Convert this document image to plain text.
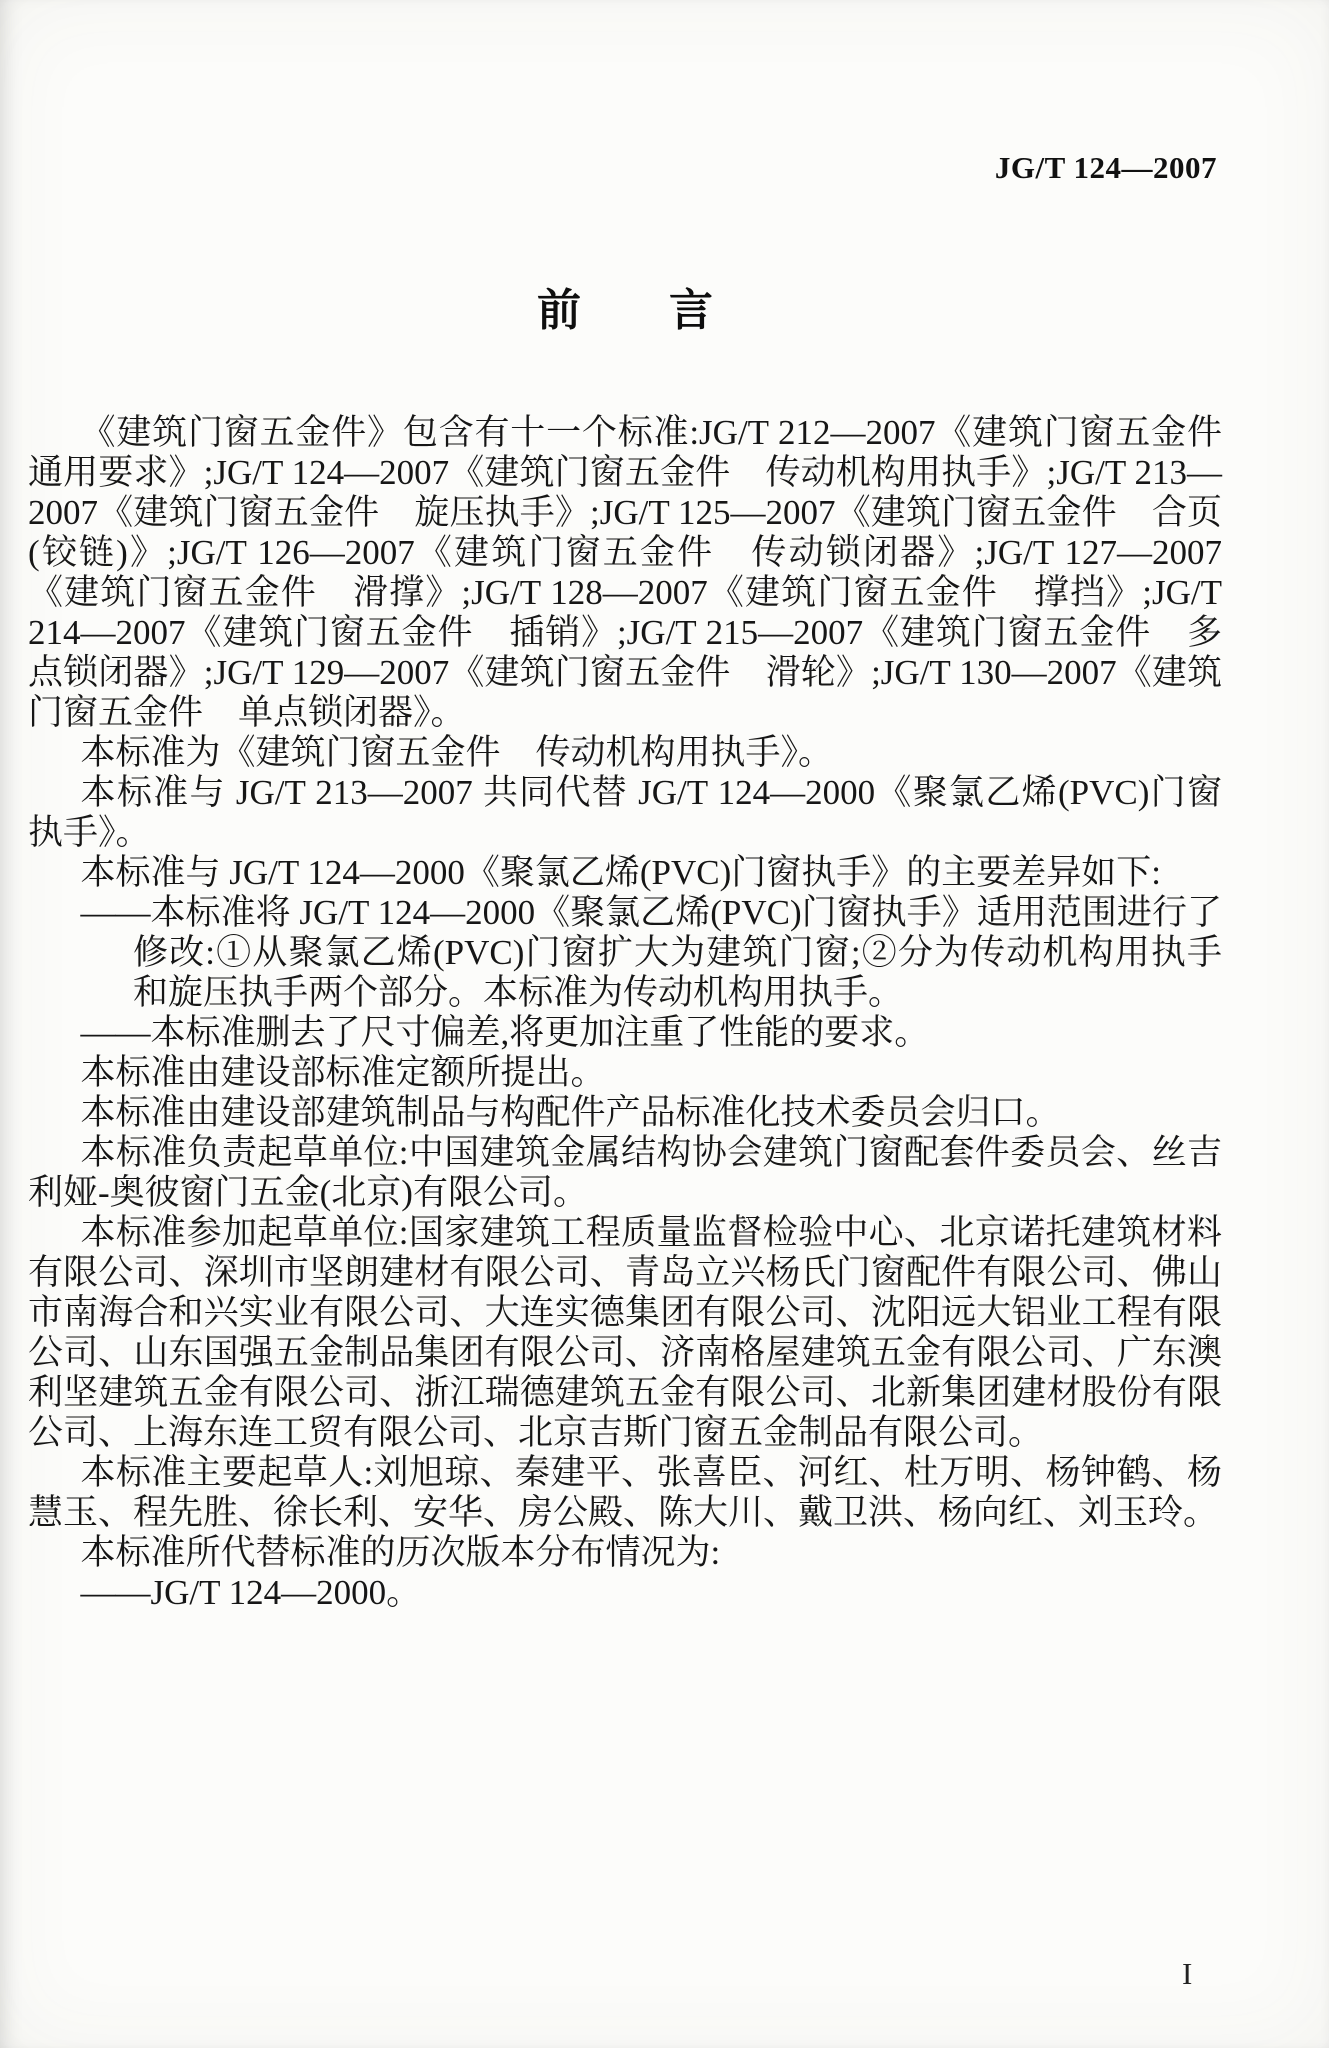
JG/T 124—2007
前　　言

《建筑门窗五金件》包含有十一个标准:JG/T 212—2007《建筑门窗五金件　通用要求》;JG/T 124—2007《建筑门窗五金件　传动机构用执手》;JG/T 213—2007《建筑门窗五金件　旋压执手》;JG/T 125—2007《建筑门窗五金件　合页(铰链)》;JG/T 126—2007《建筑门窗五金件　传动锁闭器》;JG/T 127—2007《建筑门窗五金件　滑撑》;JG/T 128—2007《建筑门窗五金件　撑挡》;JG/T 214—2007《建筑门窗五金件　插销》;JG/T 215—2007《建筑门窗五金件　多点锁闭器》;JG/T 129—2007《建筑门窗五金件　滑轮》;JG/T 130—2007《建筑门窗五金件　单点锁闭器》。

本标准为《建筑门窗五金件　传动机构用执手》。

本标准与 JG/T 213—2007 共同代替 JG/T 124—2000《聚氯乙烯(PVC)门窗执手》。

本标准与 JG/T 124—2000《聚氯乙烯(PVC)门窗执手》的主要差异如下:

——本标准将 JG/T 124—2000《聚氯乙烯(PVC)门窗执手》适用范围进行了修改:①从聚氯乙烯(PVC)门窗扩大为建筑门窗;②分为传动机构用执手和旋压执手两个部分。本标准为传动机构用执手。

——本标准删去了尺寸偏差,将更加注重了性能的要求。

本标准由建设部标准定额所提出。

本标准由建设部建筑制品与构配件产品标准化技术委员会归口。

本标准负责起草单位:中国建筑金属结构协会建筑门窗配套件委员会、丝吉利娅-奥彼窗门五金(北京)有限公司。

本标准参加起草单位:国家建筑工程质量监督检验中心、北京诺托建筑材料有限公司、深圳市坚朗建材有限公司、青岛立兴杨氏门窗配件有限公司、佛山市南海合和兴实业有限公司、大连实德集团有限公司、沈阳远大铝业工程有限公司、山东国强五金制品集团有限公司、济南格屋建筑五金有限公司、广东澳利坚建筑五金有限公司、浙江瑞德建筑五金有限公司、北新集团建材股份有限公司、上海东连工贸有限公司、北京吉斯门窗五金制品有限公司。

本标准主要起草人:刘旭琼、秦建平、张喜臣、河红、杜万明、杨钟鹤、杨慧玉、程先胜、徐长利、安华、房公殿、陈大川、戴卫洪、杨向红、刘玉玲。

本标准所代替标准的历次版本分布情况为:

——JG/T 124—2000。

I
